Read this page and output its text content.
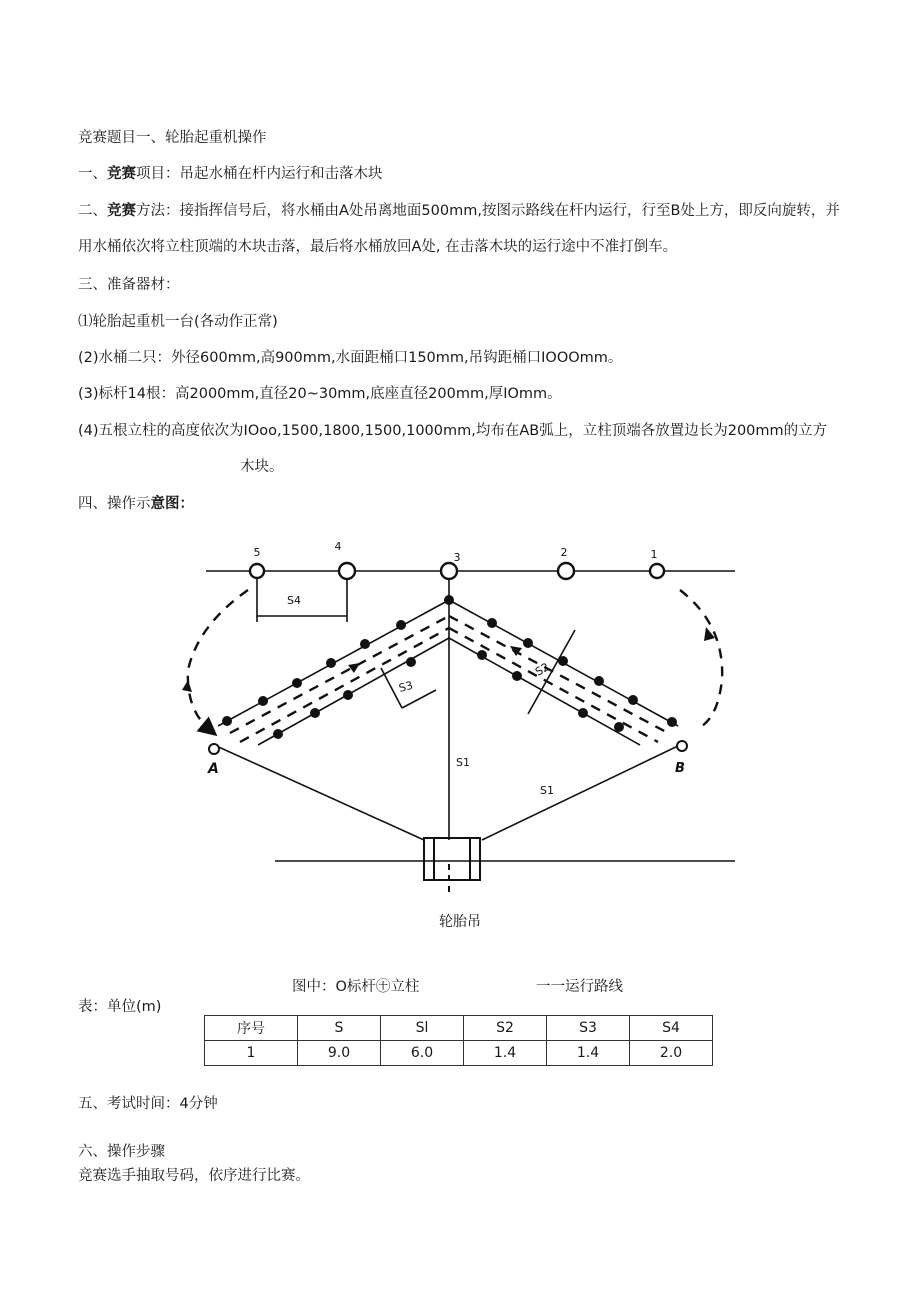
竞赛题目一、轮胎起重机操作
一、竞赛项目：吊起水桶在杆内运行和击落木块
二、竞赛方法：接指挥信号后，将水桶由A处吊离地面500mm,按图示路线在杆内运行，行至B处上方，即反向旋转，并用水桶依次将立柱顶端的木块击落，最后将水桶放回A处, 在击落木块的运行途中不准打倒车。
三、准备器材：
⑴轮胎起重机一台(各动作正常)
(2)水桶二只：外径600mm,高900mm,水面距桶口150mm,吊钩距桶口IOOOmm。
(3)标杆14根：高2000mm,直径20~30mm,底座直径200mm,厚IOmm。
(4)五根立柱的高度依次为IOoo,1500,1800,1500,1000mm,均布在AB弧上，立柱顶端各放置边长为200mm的立方
木块。
四、操作示意图：
5	4
3	2	1
A	B
S1
S1
S2
S3
S4
轮胎吊
图中：O标杆㊉立柱	一一运行路线
表：单位(m)
序号	S	Sl	S2	S3	S4
1	9.0	6.0	1.4	1.4	2.0
五、考试时间：4分钟
六、操作步骤
竞赛选手抽取号码，依序进行比赛。
